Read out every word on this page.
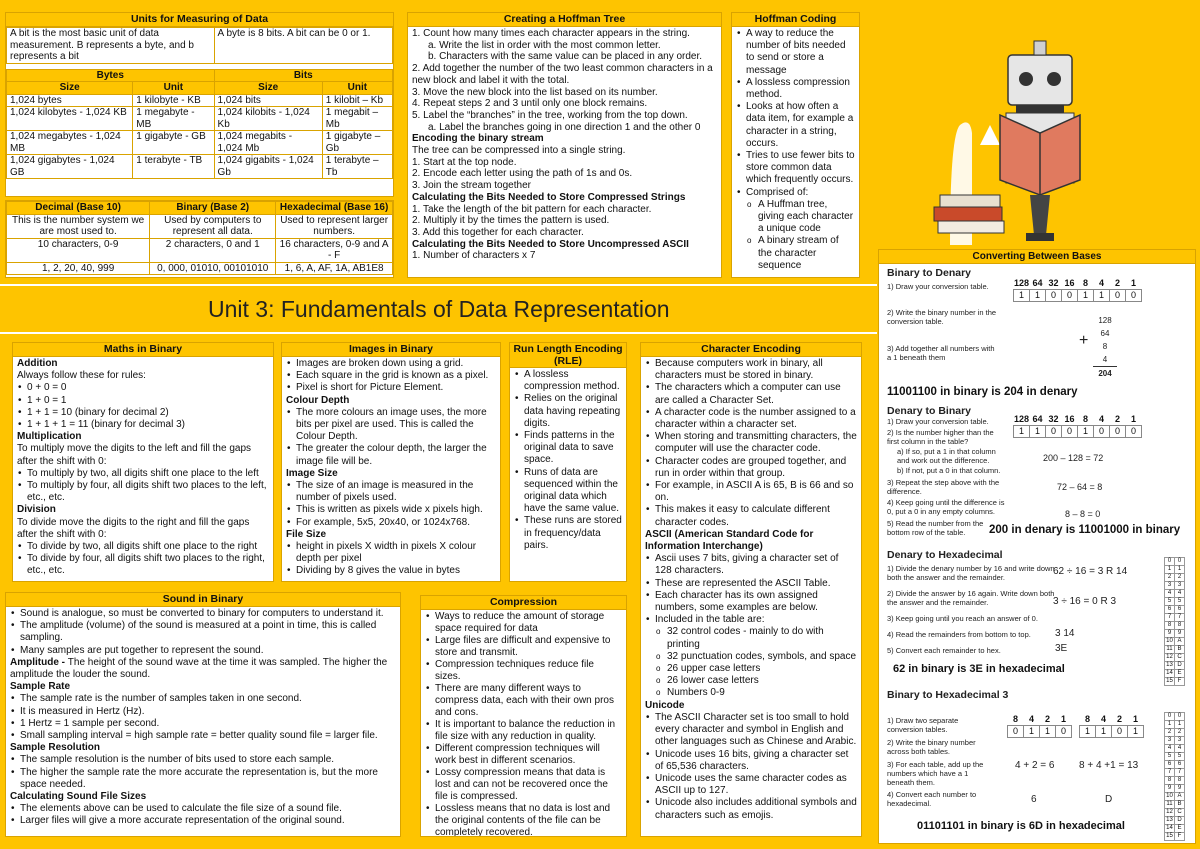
Units for Measuring of Data
A bit is the most basic unit of data measurement. B represents a byte, and b represents a bit		A byte is 8 bits. A bit can be 0 or 1.	

Bytes		Bits	
Size	Unit	Size	Unit
1,024 bytes	1 kilobyte - KB	1,024 bits	1 kilobit – Kb
1,024 kilobytes - 1,024 KB	1 megabyte - MB	1,024 kilobits - 1,024 Kb	1 megabit – Mb
1,024 megabytes - 1,024 MB	1 gigabyte - GB	1,024 megabits - 1,024 Mb	1 gigabyte – Gb
1,024 gigabytes - 1,024 GB	1 terabyte - TB	1,024 gigabits - 1,024 Gb	1 terabyte – Tb
Decimal (Base 10)	Binary (Base 2)	Hexadecimal (Base 16)
This is the number system we are most used to.	Used by computers to represent all data.	Used to represent larger numbers.
10 characters, 0-9	2 characters, 0 and 1	16 characters, 0-9 and A - F
1, 2, 20, 40, 999	0, 000, 01010, 00101010	1, 6, A, AF, 1A, AB1E8
Creating a Hoffman Tree
1. Count how many times each character appears in the string.
a. Write the list in order with the most common letter.
b. Characters with the same value can be placed in any order.
2. Add together the number of the two least common characters in a new block and label it with the total.
3. Move the new block into the list based on its number.
4. Repeat steps 2 and 3 until only one block remains.
5. Label the “branches” in the tree, working from the top down.
a. Label the branches going in one direction 1 and the other 0
Encoding the binary stream
The tree can be compressed into a single string.
1. Start at the top node.
2. Encode each letter using the path of 1s and 0s.
3. Join the stream together
Calculating the Bits Needed to Store Compressed Strings
1. Take the length of the bit pattern for each character.
2. Multiply it by the times the pattern is used.
3. Add this together for each character.
Calculating the Bits Needed to Store Uncompressed ASCII
1. Number of characters x 7
Hoffman Coding
• A way to reduce the number of bits needed to send or store a message
• A lossless compression method.
• Looks at how often a data item, for example a character in a string, occurs.
• Tries to use fewer bits to store common data which frequently occurs.
• Comprised of:
o A Huffman tree, giving each character a unique code
o A binary stream of the character sequence
Unit 3: Fundamentals of Data Representation
Maths in Binary
Addition
Always follow these for rules:
• 0 + 0 = 0
• 1 + 0 = 1
• 1 + 1 = 10 (binary for decimal 2)
• 1 + 1 + 1 = 11 (binary for decimal 3)
Multiplication
To multiply move the digits to the left and fill the gaps after the shift with 0:
• To multiply by two, all digits shift one place to the left
• To multiply by four, all digits shift two places to the left, etc., etc.
Division
To divide move the digits to the right and fill the gaps after the shift with 0:
• To divide by two, all digits shift one place to the right
• To divide by four, all digits shift two places to the right, etc., etc.
Images in Binary
• Images are broken down using a grid.
• Each square in the grid is known as a pixel.
• Pixel is short for Picture Element.
Colour Depth
• The more colours an image uses, the more bits per pixel are used. This is called the Colour Depth.
• The greater the colour depth, the larger the image file will be.
Image Size
• The size of an image is measured in the number of pixels used.
• This is written as pixels wide x pixels high.
• For example, 5x5, 20x40, or 1024x768.
File Size
• height in pixels X width in pixels X colour depth per pixel
• Dividing by 8 gives the value in bytes
Run Length Encoding (RLE)
• A lossless compression method.
• Relies on the original data having repeating digits.
• Finds patterns in the original data to save space.
• Runs of data are sequenced within the original data which have the same value.
• These runs are stored in frequency/data pairs.
Character Encoding
• Because computers work in binary, all characters must be stored in binary.
• The characters which a computer can use are called a Character Set.
• A character code is the number assigned to a character within a character set.
• When storing and transmitting characters, the computer will use the character code.
• Character codes are grouped together, and run in order within that group.
• For example, in ASCII A is 65, B is 66 and so on.
• This makes it easy to calculate different character codes.
ASCII (American Standard Code for Information Interchange)
• Ascii uses 7 bits, giving a character set of 128 characters.
• These are represented the ASCII Table.
• Each character has its own assigned numbers, some examples are below.
• Included in the table are:
o 32 control codes - mainly to do with printing
o 32 punctuation codes, symbols, and space
o 26 upper case letters
o 26 lower case letters
o Numbers 0-9
Unicode
• The ASCII Character set is too small to hold every character and symbol in English and other languages such as Chinese and Arabic.
• Unicode uses 16 bits, giving a character set of 65,536 characters.
• Unicode uses the same character codes as ASCII up to 127.
• Unicode also includes additional symbols and characters such as emojis.
Sound in Binary
• Sound is analogue, so must be converted to binary for computers to understand it.
• The amplitude (volume) of the sound is measured at a point in time, this is called sampling.
• Many samples are put together to represent the sound.
Amplitude - The height of the sound wave at the time it was sampled. The higher the amplitude the louder the sound.
Sample Rate
• The sample rate is the number of samples taken in one second.
• It is measured in Hertz (Hz).
• 1 Hertz = 1 sample per second.
• Small sampling interval = high sample rate = better quality sound file = larger file.
Sample Resolution
• The sample resolution is the number of bits used to store each sample.
• The higher the sample rate the more accurate the representation is, but the more space needed.
Calculating Sound File Sizes
• The elements above can be used to calculate the file size of a sound file.
• Larger files will give a more accurate representation of the original sound.
Compression
• Ways to reduce the amount of storage space required for data
• Large files are difficult and expensive to store and transmit.
• Compression techniques reduce file sizes.
• There are many different ways to compress data, each with their own pros and cons.
• It is important to balance the reduction in file size with any reduction in quality.
• Different compression techniques will work best in different scenarios.
• Lossy compression means that data is lost and can not be recovered once the file is compressed.
• Lossless means that no data is lost and the original contents of the file can be completely recovered.
Converting Between Bases
Binary to Denary
1) Draw your conversion table.
2) Write the binary number in the conversion table.
3) Add together all numbers with a 1 beneath them
128	64	32	16	8	4	2	1
1	1	0	0	1	1	0	0
128
64
8
4
204
+
11001100 in binary is 204 in denary
Denary to Binary
1) Draw your conversion table.
2) Is the number higher than the first column in the table?
a) If so, put a 1 in that column and work out the difference.
b) If not, put a 0 in that column.
3) Repeat the step above with the difference.
4) Keep going until the difference is 0, put a 0 in any empty columns.
5) Read the number from the bottom row of the table.
128	64	32	16	8	4	2	1
1	1	0	0	1	0	0	0
200 – 128 = 72
72 – 64 = 8
8 – 8 = 0
200 in denary is 11001000 in binary
Denary to Hexadecimal
1) Divide the denary number by 16 and write down both the answer and the remainder.
2) Divide the answer by 16 again. Write down both the answer and the remainder.
3) Keep going until you reach an answer of 0.
4) Read the remainders from bottom to top.
5) Convert each remainder to hex.
62 ÷ 16 = 3 R 14
3 ÷ 16 = 0 R 3
3 14
3E
62 in binary is 3E in hexadecimal
0	0
1	1
2	2
3	3
4	4
5	5
6	6
7	7
8	8
9	9
10	A
11	B
12	C
13	D
14	E
15	F
Binary to Hexadecimal 3
1) Draw two separate conversion tables.
2) Write the binary number across both tables.
3) For each table, add up the numbers which have a 1 beneath them.
4) Convert each number to hexadecimal.
8	4	2	1
0	1	1	0
8	4	2	1
1	1	0	1
4 + 2 = 6 8 + 4 +1 = 13
6	D
01101101 in binary is 6D in hexadecimal
0	0
1	1
2	2
3	3
4	4
5	5
6	6
7	7
8	8
9	9
10	A
11	B
12	C
13	D
14	E
15	F
